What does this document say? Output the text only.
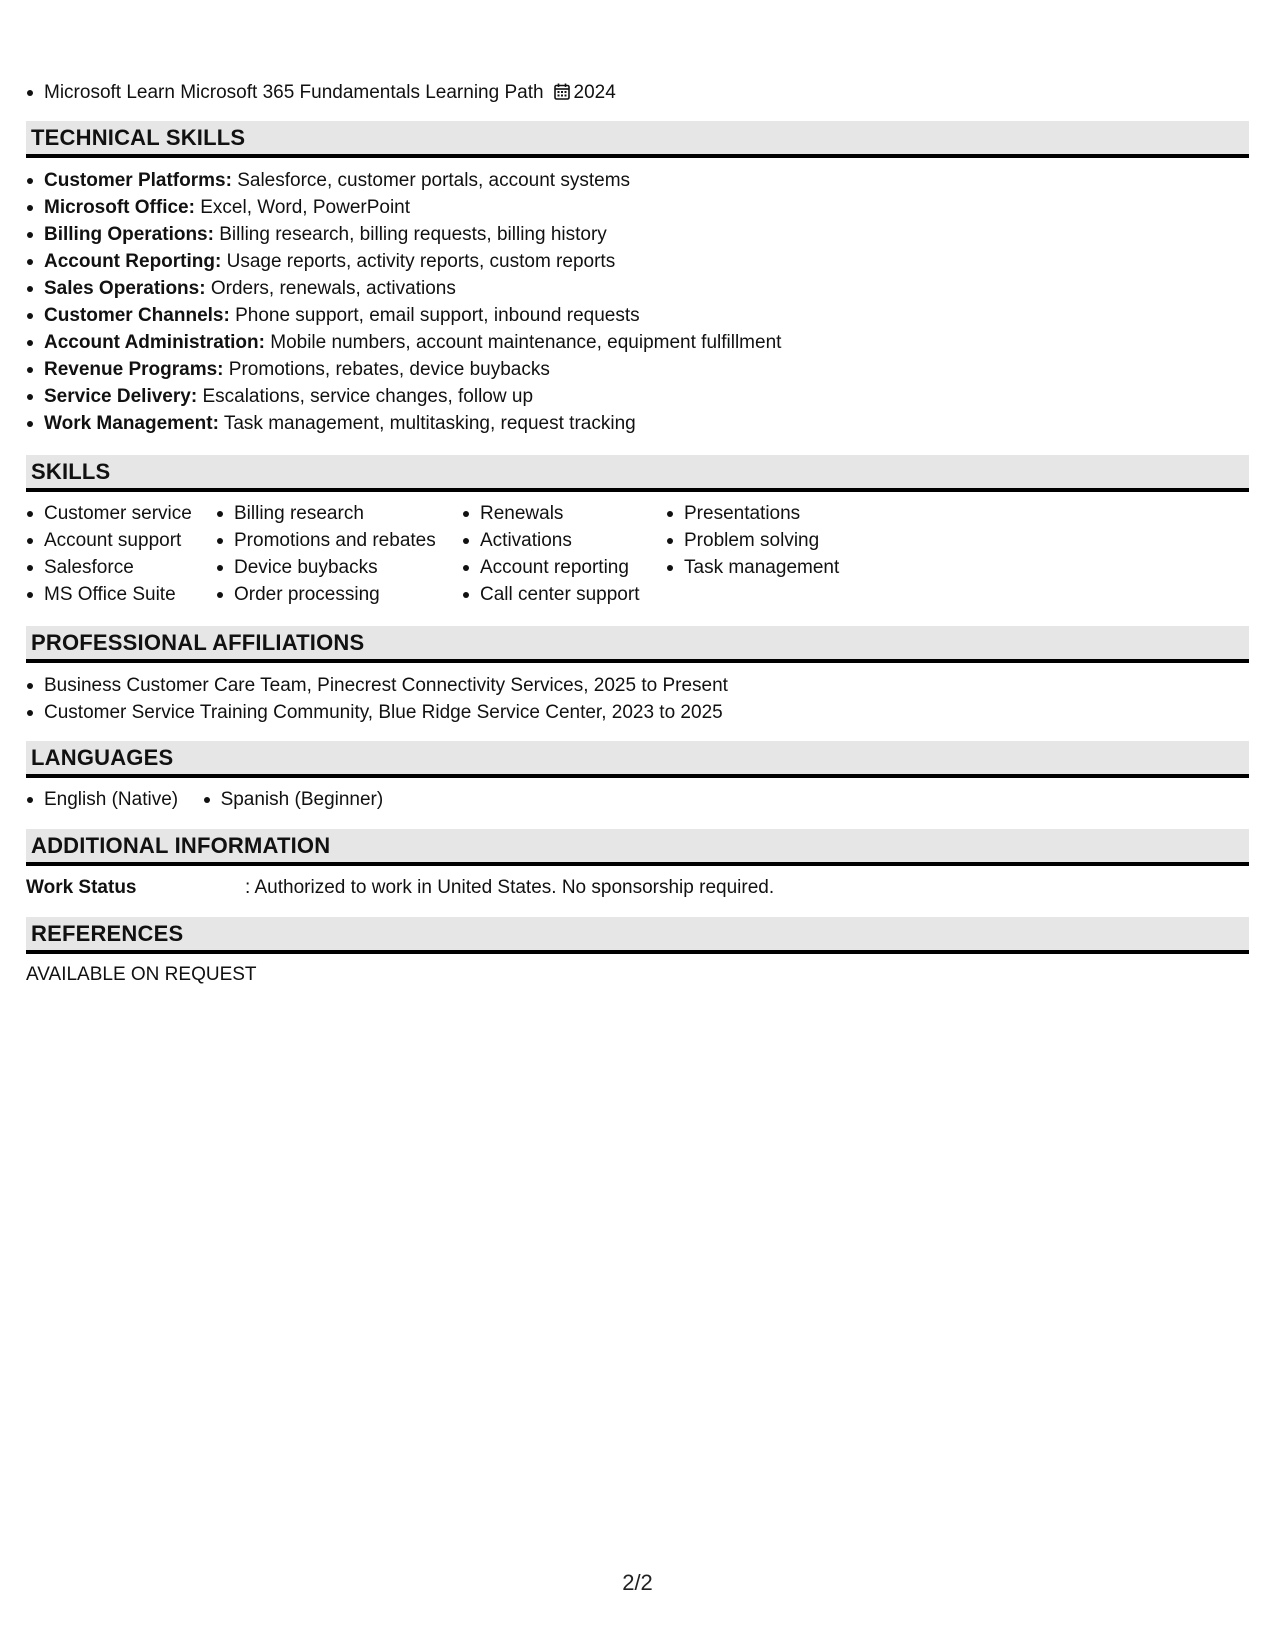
Microsoft Learn Microsoft 365 Fundamentals Learning Path 2024
TECHNICAL SKILLS
Customer Platforms: Salesforce, customer portals, account systems
Microsoft Office: Excel, Word, PowerPoint
Billing Operations: Billing research, billing requests, billing history
Account Reporting: Usage reports, activity reports, custom reports
Sales Operations: Orders, renewals, activations
Customer Channels: Phone support, email support, inbound requests
Account Administration: Mobile numbers, account maintenance, equipment fulfillment
Revenue Programs: Promotions, rebates, device buybacks
Service Delivery: Escalations, service changes, follow up
Work Management: Task management, multitasking, request tracking
SKILLS
Customer service
Account support
Salesforce
MS Office Suite
Billing research
Promotions and rebates
Device buybacks
Order processing
Renewals
Activations
Account reporting
Call center support
Presentations
Problem solving
Task management
PROFESSIONAL AFFILIATIONS
Business Customer Care Team, Pinecrest Connectivity Services, 2025 to Present
Customer Service Training Community, Blue Ridge Service Center, 2023 to 2025
LANGUAGES
English (Native) Spanish (Beginner)
ADDITIONAL INFORMATION
Work Status	: Authorized to work in United States. No sponsorship required.
REFERENCES
AVAILABLE ON REQUEST
2/2
